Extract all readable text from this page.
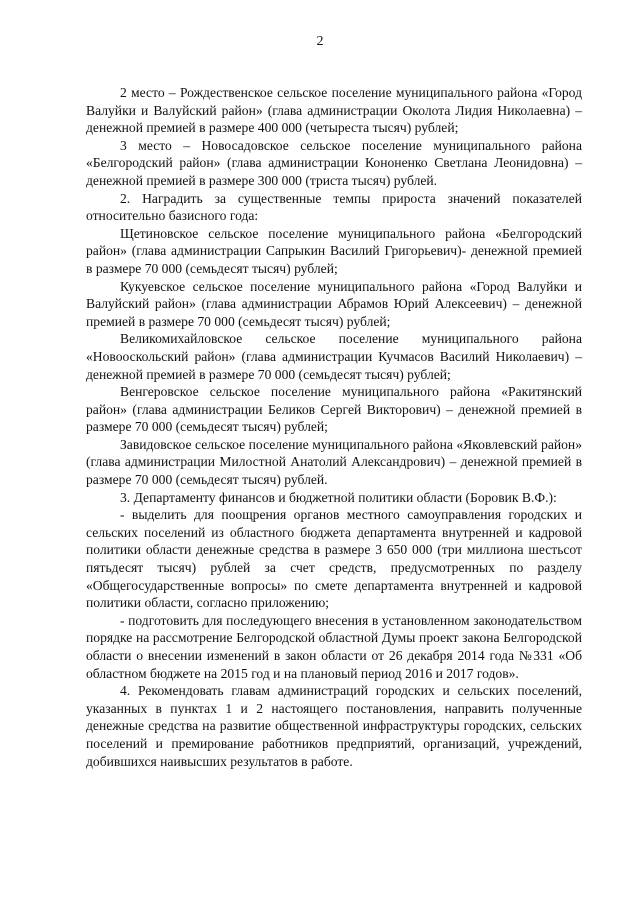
2

2 место – Рождественское сельское поселение муниципального района «Город Валуйки и Валуйский район» (глава администрации Околота Лидия Николаевна) – денежной премией в размере 400 000 (четыреста тысяч) рублей;

3 место – Новосадовское сельское поселение муниципального района «Белгородский район» (глава администрации Кононенко Светлана Леонидовна) – денежной премией в размере 300 000 (триста тысяч) рублей.

2. Наградить за существенные темпы прироста значений показателей относительно базисного года:

Щетиновское сельское поселение муниципального района «Белгородский район» (глава администрации Сапрыкин Василий Григорьевич)- денежной премией в размере 70 000 (семьдесят тысяч) рублей;

Кукуевское сельское поселение муниципального района «Город Валуйки и Валуйский район» (глава администрации Абрамов Юрий Алексеевич) – денежной премией в размере 70 000 (семьдесят тысяч) рублей;

Великомихайловское сельское поселение муниципального района «Новооскольский район» (глава администрации Кучмасов Василий Николаевич) – денежной премией в размере 70 000 (семьдесят тысяч) рублей;

Венгеровское сельское поселение муниципального района «Ракитянский район» (глава администрации Беликов Сергей Викторович) – денежной премией в размере 70 000 (семьдесят тысяч) рублей;

Завидовское сельское поселение муниципального района «Яковлевский район» (глава администрации Милостной Анатолий Александрович) – денежной премией в размере 70 000 (семьдесят тысяч) рублей.

3. Департаменту финансов и бюджетной политики области (Боровик В.Ф.):

- выделить для поощрения органов местного самоуправления городских и сельских поселений из областного бюджета департамента внутренней и кадровой политики области денежные средства в размере 3 650 000 (три миллиона шестьсот пятьдесят тысяч) рублей за счет средств, предусмотренных по разделу «Общегосударственные вопросы» по смете департамента внутренней и кадровой политики области, согласно приложению;

- подготовить для последующего внесения в установленном законодательством порядке на рассмотрение Белгородской областной Думы проект закона Белгородской области о внесении изменений в закон области от 26 декабря 2014 года №331 «Об областном бюджете на 2015 год и на плановый период 2016 и 2017 годов».

4. Рекомендовать главам администраций городских и сельских поселений, указанных в пунктах 1 и 2 настоящего постановления, направить полученные денежные средства на развитие общественной инфраструктуры городских, сельских поселений и премирование работников предприятий, организаций, учреждений, добившихся наивысших результатов в работе.
